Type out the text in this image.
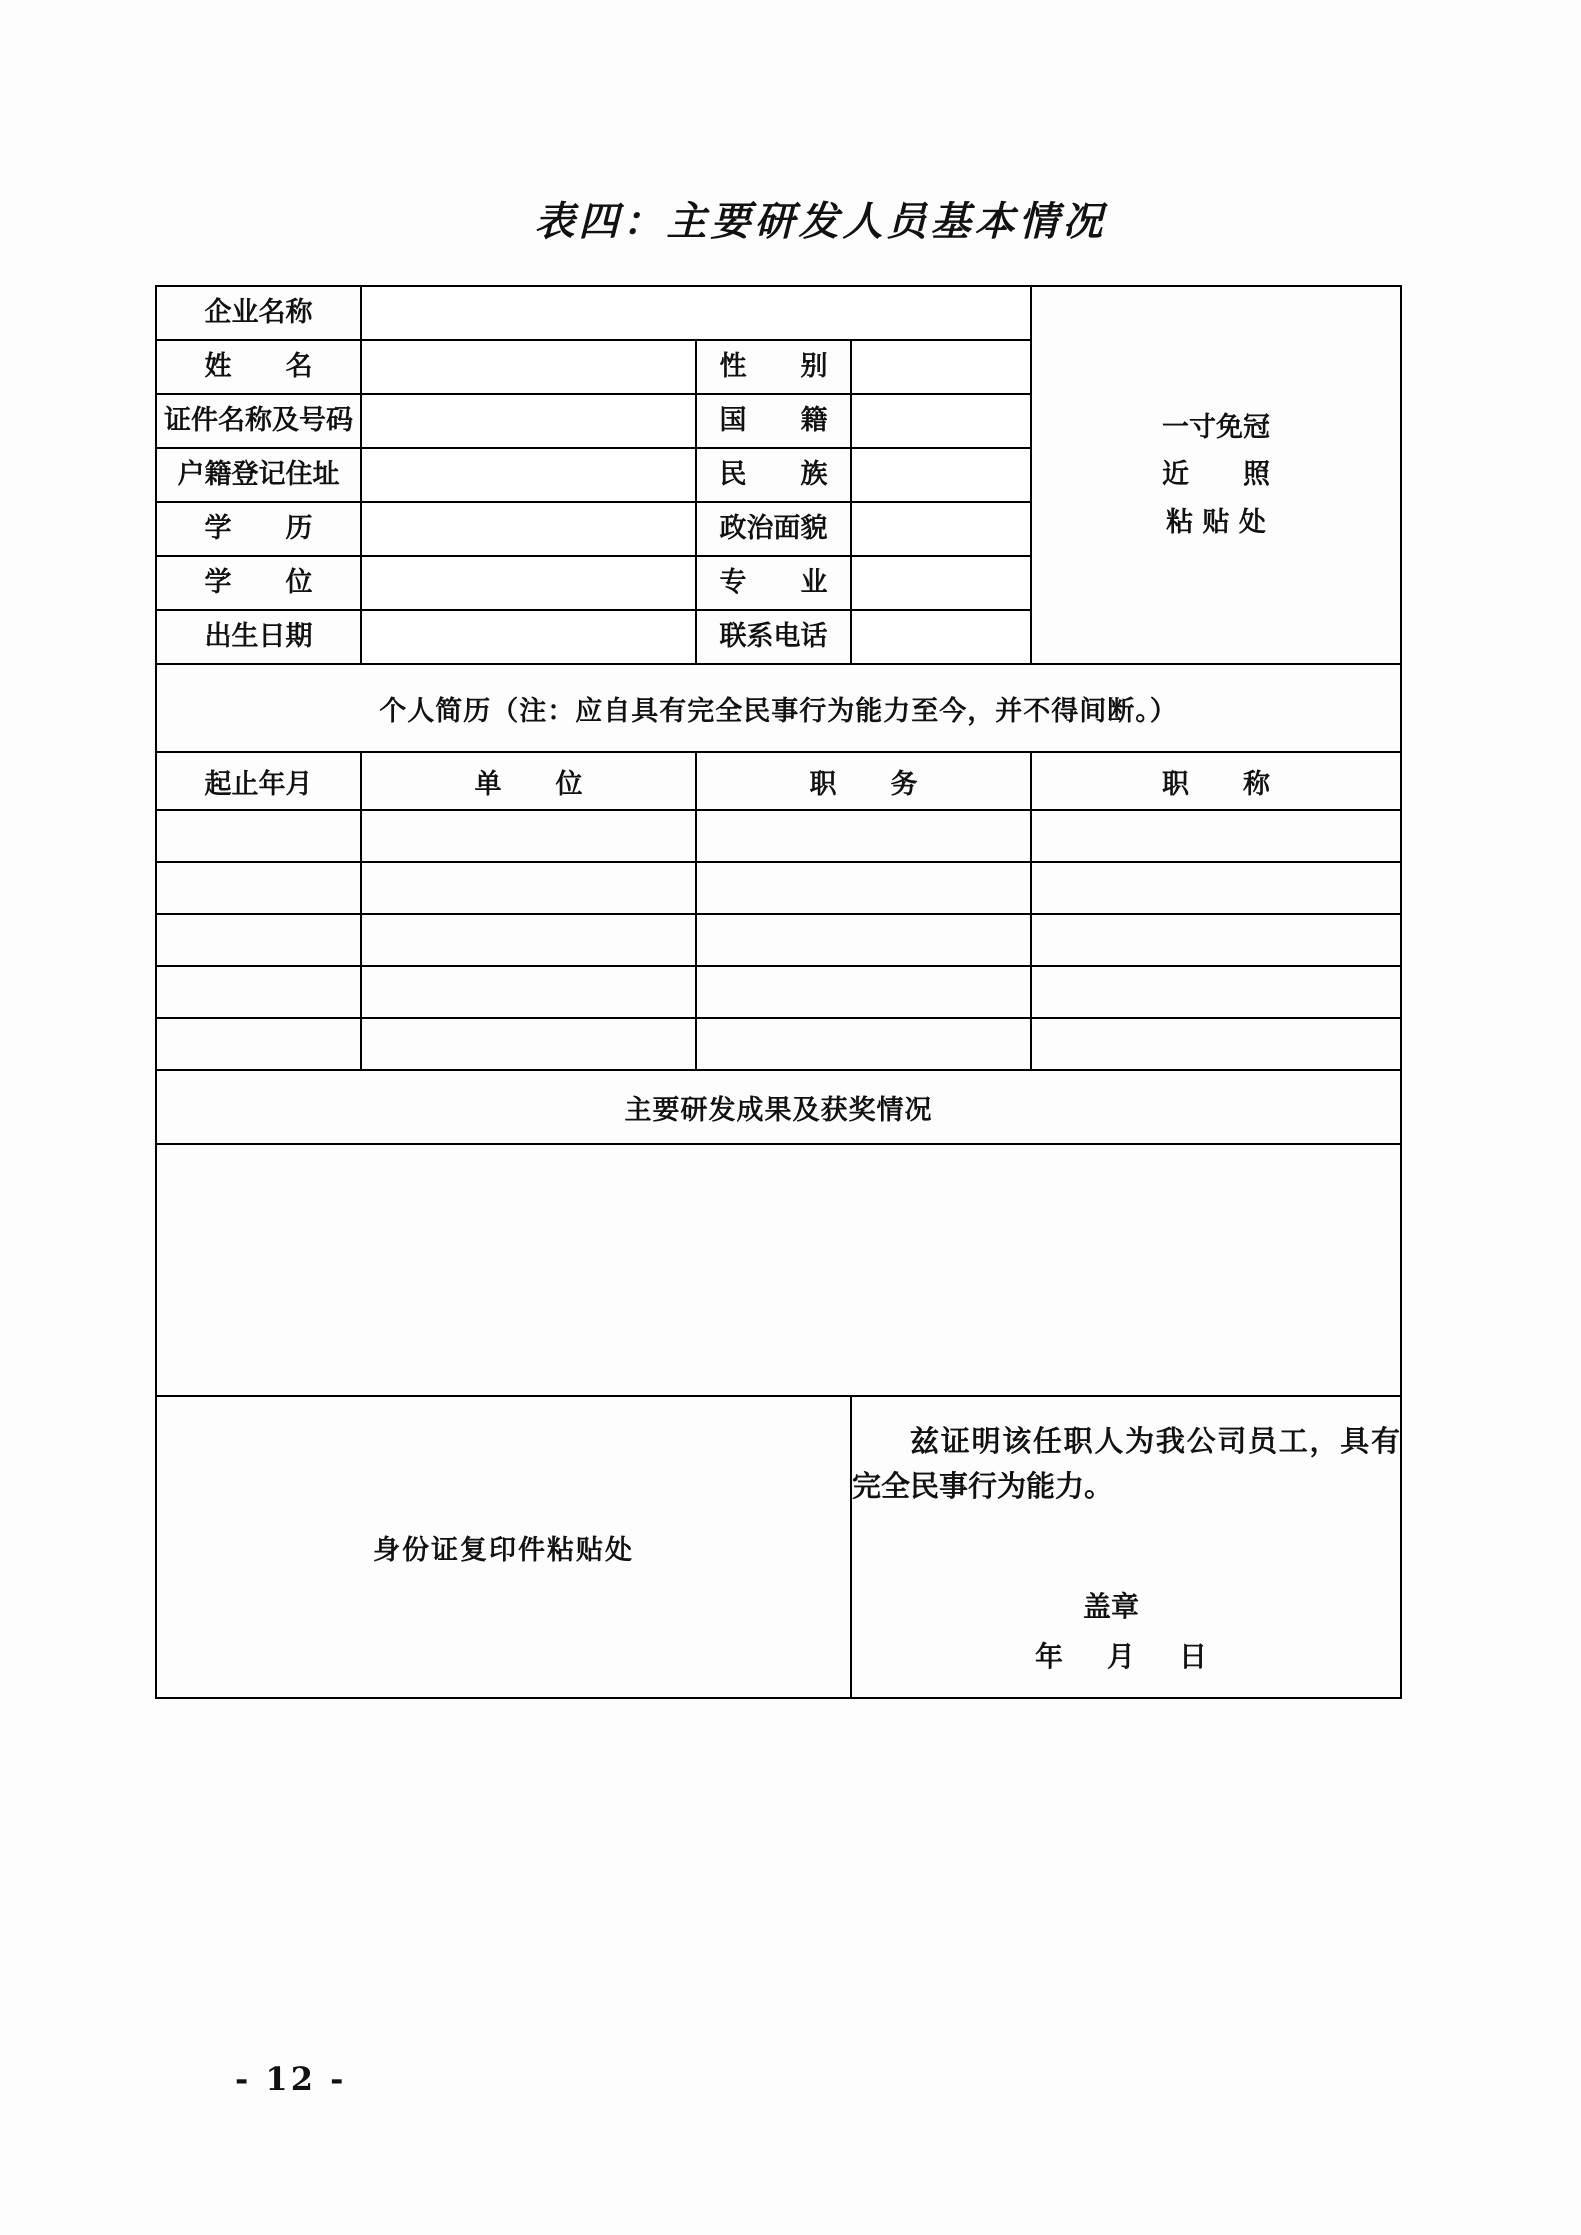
表四：主要研发人员基本情况
企业名称				一寸免冠
近　　照
粘 贴 处

姓　　名		性　　别		
证件名称及号码		国　　籍		
户籍登记住址		民　　族		
学　　历		政治面貌		
学　　位		专　　业		
出生日期		联系电话		
个人简历（注：应自具有完全民事行为能力至今，并不得间断。）				
起止年月	单　　位	职　　务		职　　称

主要研发成果及获奖情况				

身份证复印件粘贴处			兹证明该任职人为我公司员工，具有完全民事行为能力。

盖章
年 月 日	
- 12 -
